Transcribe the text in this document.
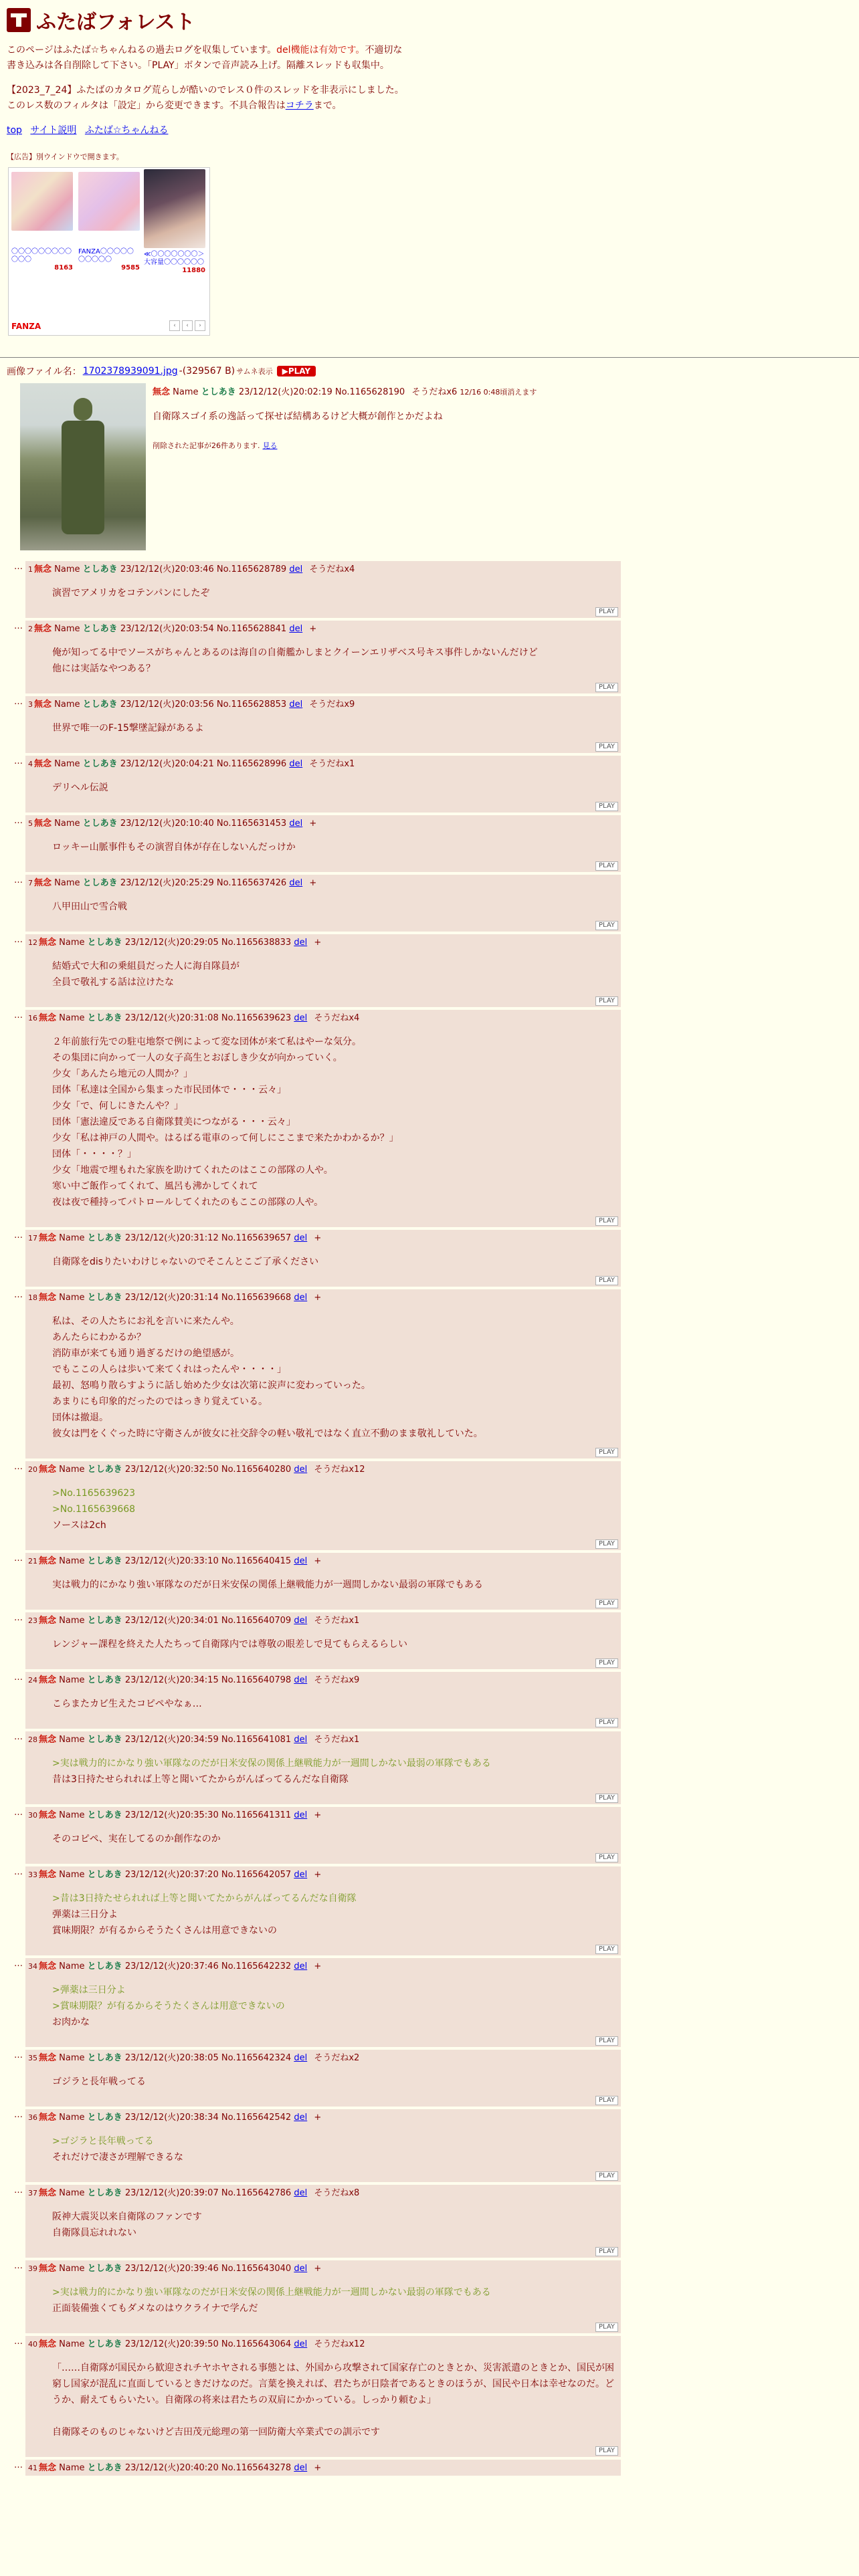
ふたばフォレスト
このページはふたば☆ちゃんねるの過去ログを収集しています。del機能は有効です。不適切な書き込みは各自削除して下さい。「PLAY」ボタンで音声読み上げ。隔離スレッドも収集中。
【2023_7_24】ふたばのカタログ荒らしが酷いのでレス０件のスレッドを非表示にしました。このレス数のフィルタは「設定」から変更できます。不具合報告はコチラまで。
top サイト説明 ふたば☆ちゃんねる
【広告】別ウインドウで開きます。
〇〇〇〇〇〇〇〇〇〇〇〇
8163
FANZA〇〇〇〇〇〇〇〇〇〇
9585
≪〇〇〇〇〇〇〇＞大容量〇〇〇〇〇〇
11880
FANZA	‹	‹	›
画像ファイル名： 1702378939091.jpg -(329567 B) サムネ表示	▶PLAY
無念 Name としあき 23/12/12(火)20:02:19 No.1165628190 そうだねx6 12/16 0:48頃消えます
自衛隊スゴイ系の逸話って探せば結構あるけど大概が創作とかだよね
削除された記事が26件あります. 見る
… 1 無念 Name としあき 23/12/12(火)20:03:46 No.1165628789 del そうだねx4
演習でアメリカをコテンパンにしたぞ
PLAY
… 2 無念 Name としあき 23/12/12(火)20:03:54 No.1165628841 del +
俺が知ってる中でソースがちゃんとあるのは海自の自衛艦かしまとクイーンエリザベス号キス事件しかないんだけど
他には実話なやつある？
PLAY
… 3 無念 Name としあき 23/12/12(火)20:03:56 No.1165628853 del そうだねx9
世界で唯一のF-15撃墜記録があるよ
PLAY
… 4 無念 Name としあき 23/12/12(火)20:04:21 No.1165628996 del そうだねx1
デリヘル伝説
PLAY
… 5 無念 Name としあき 23/12/12(火)20:10:40 No.1165631453 del +
ロッキー山脈事件もその演習自体が存在しないんだっけか
PLAY
… 7 無念 Name としあき 23/12/12(火)20:25:29 No.1165637426 del +
八甲田山で雪合戦
PLAY
… 12 無念 Name としあき 23/12/12(火)20:29:05 No.1165638833 del +
結婚式で大和の乗組員だった人に海自隊員が
全員で敬礼する話は泣けたな
PLAY
… 16 無念 Name としあき 23/12/12(火)20:31:08 No.1165639623 del そうだねx4
２年前旅行先での駐屯地祭で例によって変な団体が来て私はやーな気分。
その集団に向かって一人の女子高生とおぼしき少女が向かっていく。
少女「あんたら地元の人間か？」
団体「私達は全国から集まった市民団体で・・・云々」
少女「で、何しにきたんや？」
団体「憲法違反である自衛隊賛美につながる・・・云々」
少女「私は神戸の人間や。はるばる電車のって何しにここまで来たかわかるか？」
団体「・・・・？」
少女「地震で埋もれた家族を助けてくれたのはここの部隊の人や。
寒い中ご飯作ってくれて、風呂も沸かしてくれて
夜は夜で種持ってパトロールしてくれたのもここの部隊の人や。
PLAY
… 17 無念 Name としあき 23/12/12(火)20:31:12 No.1165639657 del +
自衛隊をdisりたいわけじゃないのでそこんとこご了承ください
PLAY
… 18 無念 Name としあき 23/12/12(火)20:31:14 No.1165639668 del +
私は、その人たちにお礼を言いに来たんや。
あんたらにわかるか？
消防車が来ても通り過ぎるだけの絶望感が。
でもここの人らは歩いて来てくれはったんや・・・・」
最初、怒鳴り散らすように話し始めた少女は次第に涙声に変わっていった。
あまりにも印象的だったのではっきり覚えている。
団体は撤退。
彼女は門をくぐった時に守衛さんが彼女に社交辞令の軽い敬礼ではなく直立不動のまま敬礼していた。
PLAY
… 20 無念 Name としあき 23/12/12(火)20:32:50 No.1165640280 del そうだねx12
>No.1165639623
>No.1165639668
ソースは2ch
PLAY
… 21 無念 Name としあき 23/12/12(火)20:33:10 No.1165640415 del +
実は戦力的にかなり強い軍隊なのだが日米安保の関係上継戦能力が一週間しかない最弱の軍隊でもある
PLAY
… 23 無念 Name としあき 23/12/12(火)20:34:01 No.1165640709 del そうだねx1
レンジャー課程を終えた人たちって自衛隊内では尊敬の眼差しで見てもらえるらしい
PLAY
… 24 無念 Name としあき 23/12/12(火)20:34:15 No.1165640798 del そうだねx9
こらまたカビ生えたコピペやなぁ…
PLAY
… 28 無念 Name としあき 23/12/12(火)20:34:59 No.1165641081 del そうだねx1
>実は戦力的にかなり強い軍隊なのだが日米安保の関係上継戦能力が一週間しかない最弱の軍隊でもある
昔は3日持たせられれば上等と聞いてたからがんばってるんだな自衛隊
PLAY
… 30 無念 Name としあき 23/12/12(火)20:35:30 No.1165641311 del +
そのコピペ、実在してるのか創作なのか
PLAY
… 33 無念 Name としあき 23/12/12(火)20:37:20 No.1165642057 del +
>昔は3日持たせられれば上等と聞いてたからがんばってるんだな自衛隊
弾薬は三日分よ
賞味期限？が有るからそうたくさんは用意できないの
PLAY
… 34 無念 Name としあき 23/12/12(火)20:37:46 No.1165642232 del +
>弾薬は三日分よ
>賞味期限？が有るからそうたくさんは用意できないの
お肉かな
PLAY
… 35 無念 Name としあき 23/12/12(火)20:38:05 No.1165642324 del そうだねx2
ゴジラと長年戦ってる
PLAY
… 36 無念 Name としあき 23/12/12(火)20:38:34 No.1165642542 del +
>ゴジラと長年戦ってる
それだけで凄さが理解できるな
PLAY
… 37 無念 Name としあき 23/12/12(火)20:39:07 No.1165642786 del そうだねx8
阪神大震災以来自衛隊のファンです
自衛隊員忘れれない
PLAY
… 39 無念 Name としあき 23/12/12(火)20:39:46 No.1165643040 del +
>実は戦力的にかなり強い軍隊なのだが日米安保の関係上継戦能力が一週間しかない最弱の軍隊でもある
正面装備強くてもダメなのはウクライナで学んだ
PLAY
… 40 無念 Name としあき 23/12/12(火)20:39:50 No.1165643064 del そうだねx12
「……自衛隊が国民から歓迎されチヤホヤされる事態とは、外国から攻撃されて国家存亡のときとか、災害派遣のときとか、国民が困窮し国家が混乱に直面しているときだけなのだ。言葉を換えれば、君たちが日陰者であるときのほうが、国民や日本は幸せなのだ。どうか、耐えてもらいたい。自衛隊の将来は君たちの双肩にかかっている。しっかり頼むよ」
自衛隊そのものじゃないけど吉田茂元総理の第一回防衛大卒業式での訓示です
PLAY
… 41 無念 Name としあき 23/12/12(火)20:40:20 No.1165643278 del +
